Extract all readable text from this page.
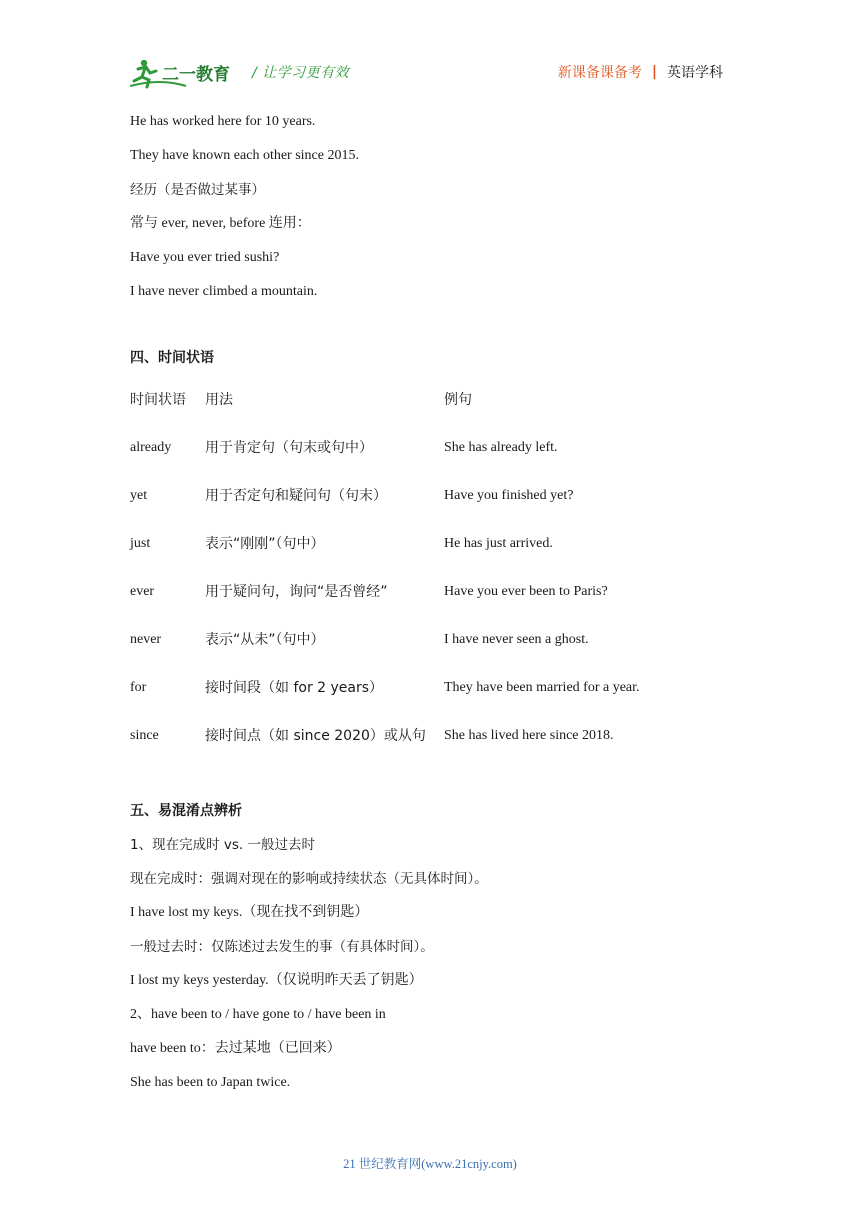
二一教育 / 让学习更有效	新课备课备考 | 英语学科
He has worked here for 10 years.
They have known each other since 2015.
经历（是否做过某事）
常与 ever, never, before 连用：
Have you ever tried sushi?
I have never climbed a mountain.
四、时间状语
时间状语 用法	例句
already 用于肯定句（句末或句中）	She has already left.
yet	用于否定句和疑问句（句末）	Have you finished yet?
just	表示“刚刚”（句中）	He has just arrived.
ever	用于疑问句，询问“是否曾经”	Have you ever been to Paris?
never	表示“从未”（句中）	I have never seen a ghost.
for	接时间段（如 for 2 years）	They have been married for a year.
since	接时间点（如 since 2020）或从句 She has lived here since 2018.
五、易混淆点辨析
1、现在完成时 vs. 一般过去时
现在完成时：强调对现在的影响或持续状态（无具体时间）。
I have lost my keys.（现在找不到钥匙）
一般过去时：仅陈述过去发生的事（有具体时间）。
I lost my keys yesterday.（仅说明昨天丢了钥匙）
2、have been to / have gone to / have been in
have been to：去过某地（已回来）
She has been to Japan twice.
21 世纪教育网(www.21cnjy.com)
